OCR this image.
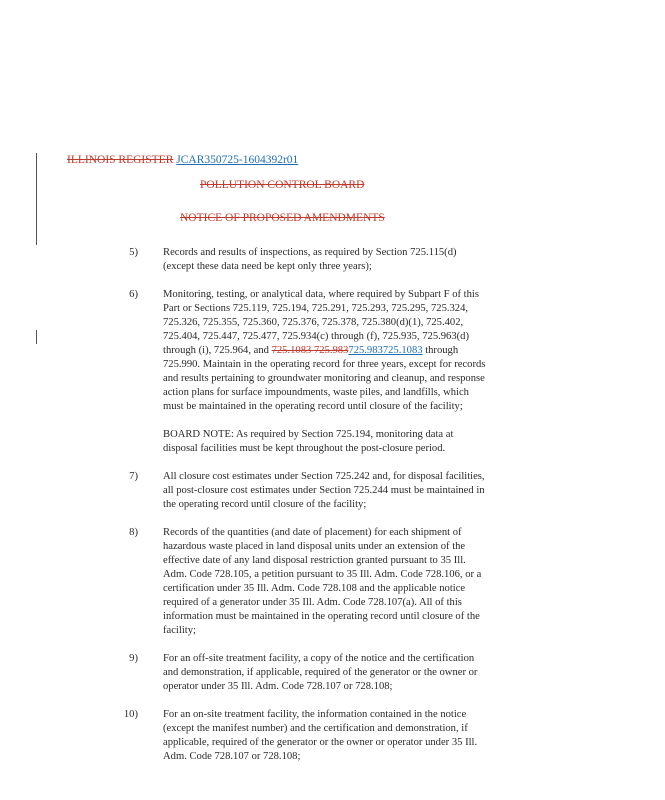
ILLINOIS REGISTER JCAR350725-1604392r01
POLLUTION CONTROL BOARD
NOTICE OF PROPOSED AMENDMENTS
5) Records and results of inspections, as required by Section 725.115(d) (except these data need be kept only three years);
6) Monitoring, testing, or analytical data, where required by Subpart F of this Part or Sections 725.119, 725.194, 725.291, 725.293, 725.295, 725.324, 725.326, 725.355, 725.360, 725.376, 725.378, 725.380(d)(1), 725.402, 725.404, 725.447, 725.477, 725.934(c) through (f), 725.935, 725.963(d) through (i), 725.964, and 725.1083 725.983725.983725.1083 through 725.990. Maintain in the operating record for three years, except for records and results pertaining to groundwater monitoring and cleanup, and response action plans for surface impoundments, waste piles, and landfills, which must be maintained in the operating record until closure of the facility;
BOARD NOTE: As required by Section 725.194, monitoring data at disposal facilities must be kept throughout the post-closure period.
7) All closure cost estimates under Section 725.242 and, for disposal facilities, all post-closure cost estimates under Section 725.244 must be maintained in the operating record until closure of the facility;
8) Records of the quantities (and date of placement) for each shipment of hazardous waste placed in land disposal units under an extension of the effective date of any land disposal restriction granted pursuant to 35 Ill. Adm. Code 728.105, a petition pursuant to 35 Ill. Adm. Code 728.106, or a certification under 35 Ill. Adm. Code 728.108 and the applicable notice required of a generator under 35 Ill. Adm. Code 728.107(a). All of this information must be maintained in the operating record until closure of the facility;
9) For an off-site treatment facility, a copy of the notice and the certification and demonstration, if applicable, required of the generator or the owner or operator under 35 Ill. Adm. Code 728.107 or 728.108;
10) For an on-site treatment facility, the information contained in the notice (except the manifest number) and the certification and demonstration, if applicable, required of the generator or the owner or operator under 35 Ill. Adm. Code 728.107 or 728.108;
